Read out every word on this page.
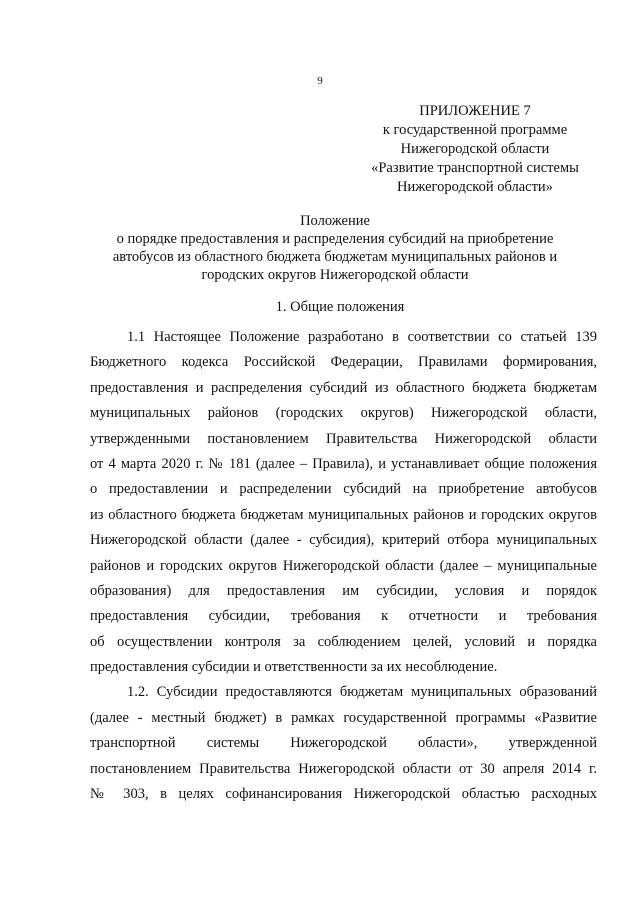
9
ПРИЛОЖЕНИЕ 7
к государственной программе
Нижегородской области
«Развитие транспортной системы
Нижегородской области»
Положение
о порядке предоставления и распределения субсидий на приобретение
автобусов из областного бюджета бюджетам муниципальных районов и
городских округов Нижегородской области
1. Общие положения
1.1 Настоящее Положение разработано в соответствии со статьей 139
Бюджетного кодекса Российской Федерации, Правилами формирования,
предоставления и распределения субсидий из областного бюджета бюджетам
муниципальных районов (городских округов) Нижегородской области,
утвержденными постановлением Правительства Нижегородской области
от 4 марта 2020 г. № 181 (далее – Правила), и устанавливает общие положения
о предоставлении и распределении субсидий на приобретение автобусов
из областного бюджета бюджетам муниципальных районов и городских округов
Нижегородской области (далее - субсидия), критерий отбора муниципальных
районов и городских округов Нижегородской области (далее – муниципальные
образования) для предоставления им субсидии, условия и порядок
предоставления субсидии, требования к отчетности и требования
об осуществлении контроля за соблюдением целей, условий и порядка
предоставления субсидии и ответственности за их несоблюдение.
1.2. Субсидии предоставляются бюджетам муниципальных образований
(далее - местный бюджет) в рамках государственной программы «Развитие
транспортной системы Нижегородской области», утвержденной
постановлением Правительства Нижегородской области от 30 апреля 2014 г.
№ 303, в целях софинансирования Нижегородской областью расходных
